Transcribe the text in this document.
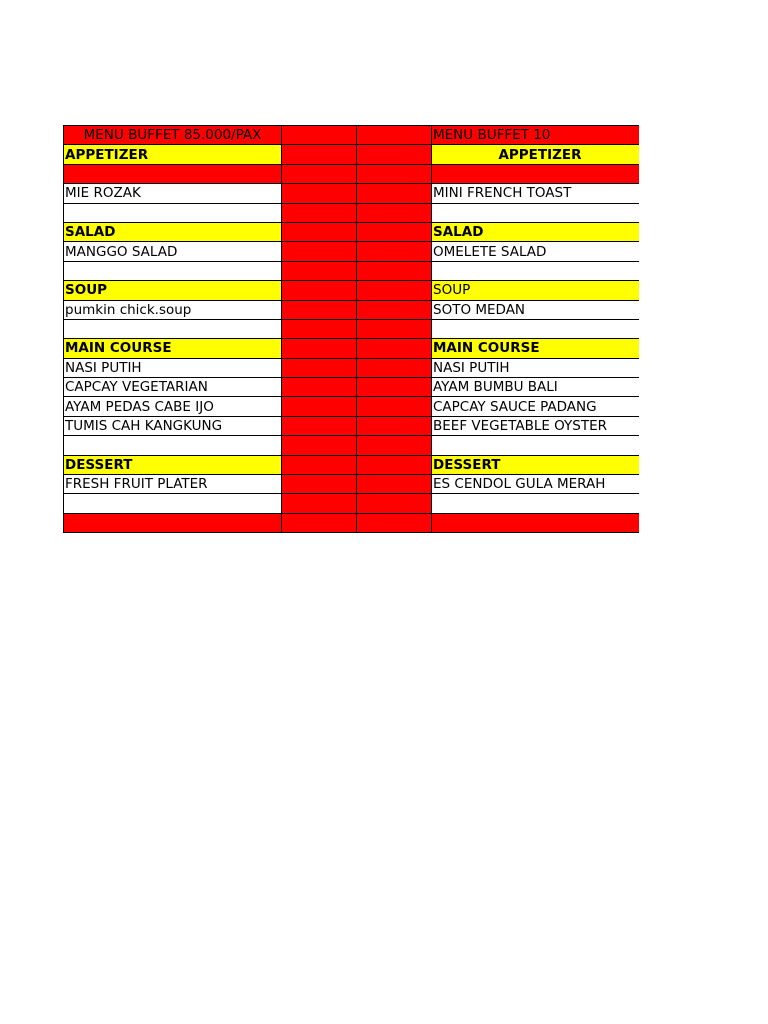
MENU BUFFET 85.000/PAX			MENU BUFFET 10
APPETIZER			APPETIZER

MIE ROZAK			MINI FRENCH TOAST

SALAD			SALAD
MANGGO SALAD			OMELETE SALAD

SOUP			SOUP
pumkin chick.soup			SOTO MEDAN

MAIN COURSE			MAIN COURSE
NASI PUTIH			NASI PUTIH
CAPCAY VEGETARIAN			AYAM BUMBU BALI
AYAM PEDAS CABE IJO			CAPCAY SAUCE PADANG
TUMIS CAH KANGKUNG			BEEF VEGETABLE OYSTER

DESSERT			DESSERT
FRESH FRUIT PLATER			ES CENDOL GULA MERAH
